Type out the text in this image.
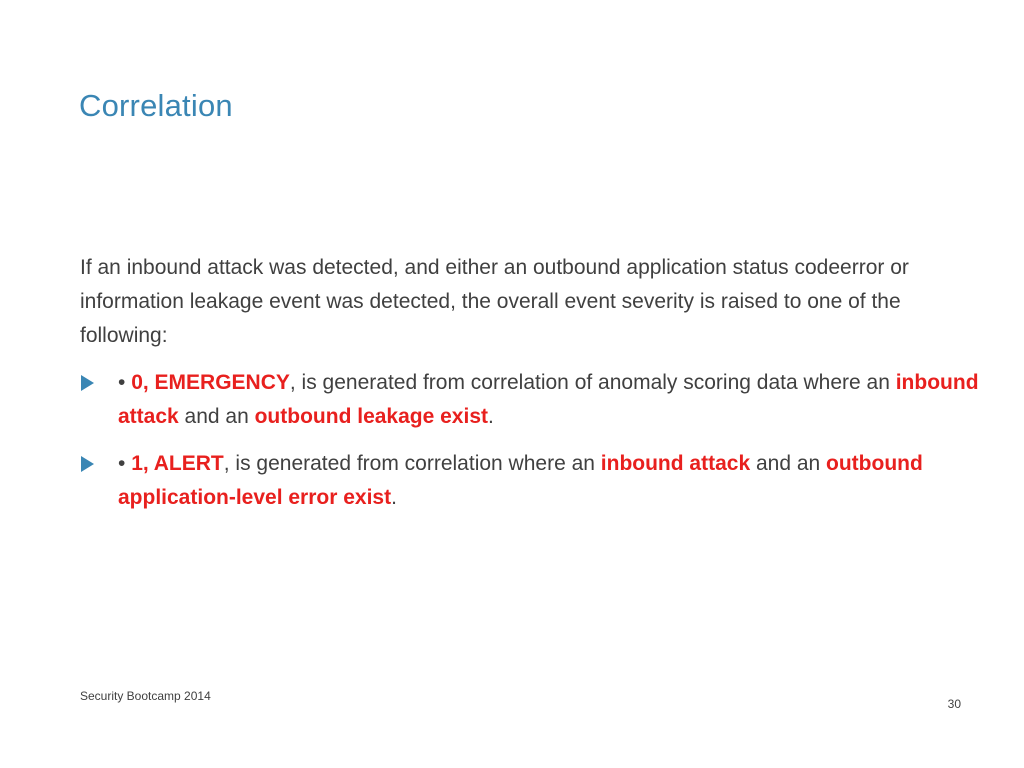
Correlation
If an inbound attack was detected, and either an outbound application status codeerror or information leakage event was detected, the overall event severity is raised to one of the following:
• 0, EMERGENCY, is generated from correlation of anomaly scoring data where an inbound attack and an outbound leakage exist.
• 1, ALERT, is generated from correlation where an inbound attack and an outbound application-level error exist.
Security Bootcamp 2014
30
